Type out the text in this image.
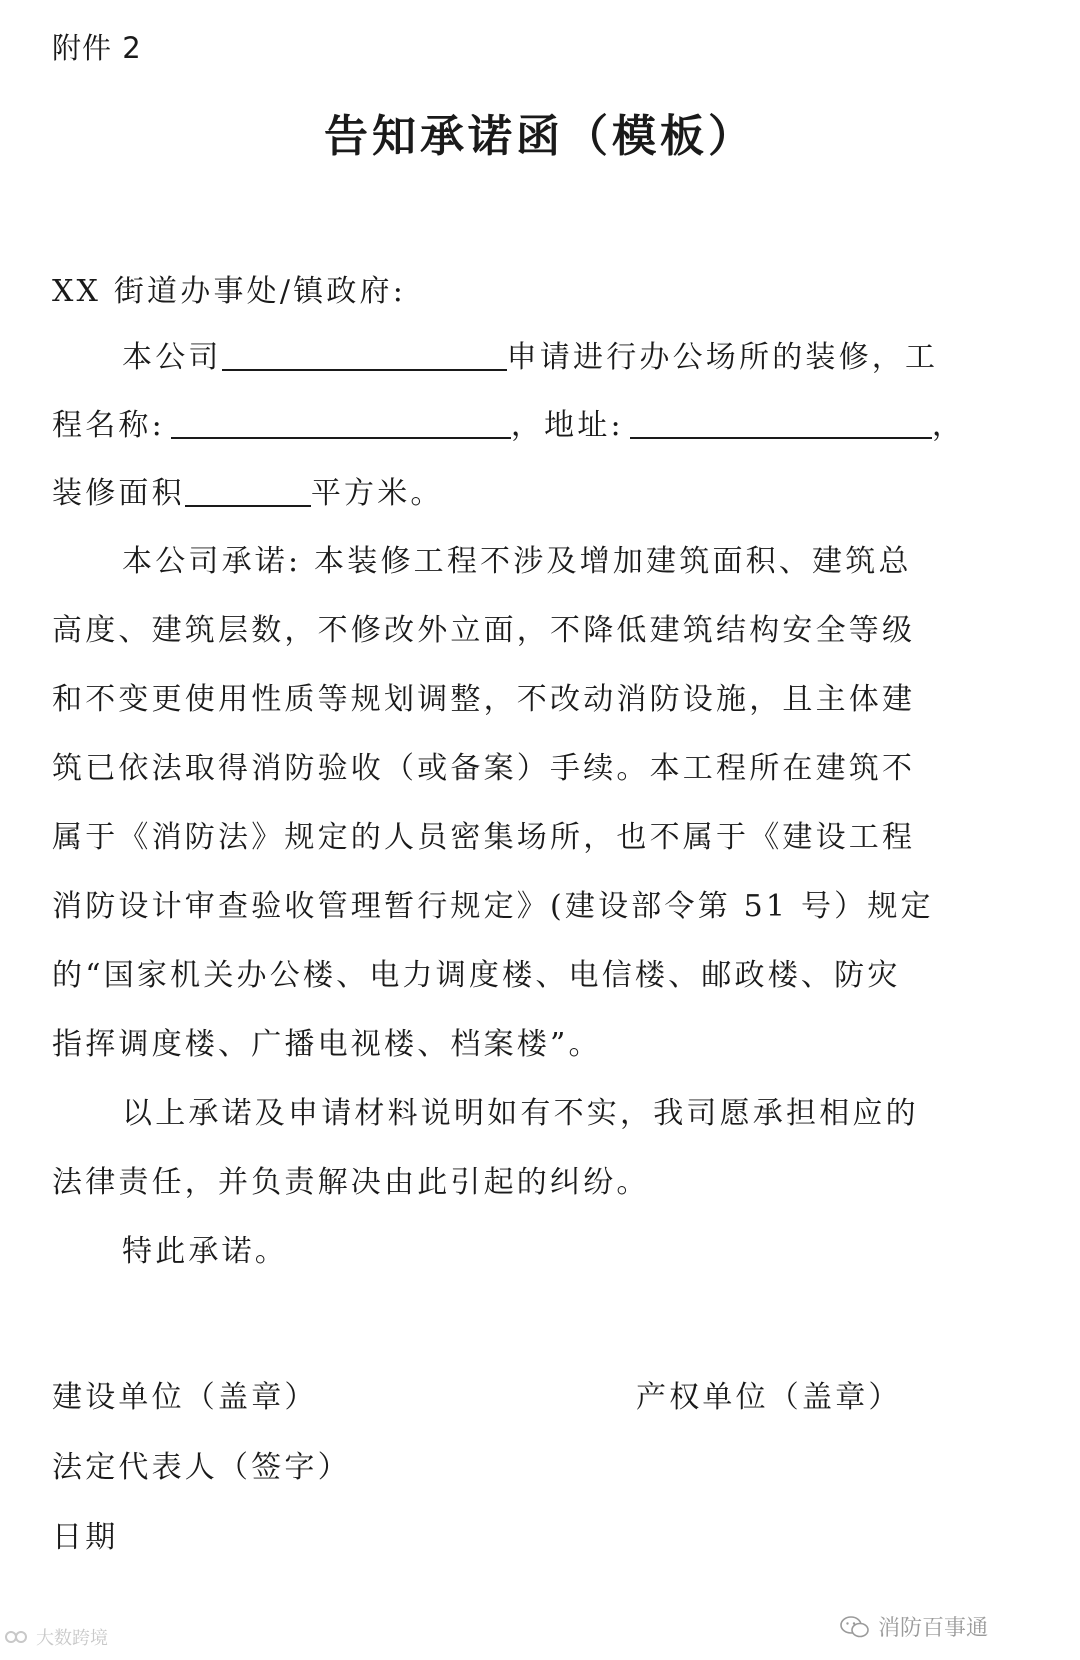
附件 2
告知承诺函（模板）
XX 街道办事处/镇政府:
本公司	申请进行办公场所的装修，工
程名称:	，地址:	，
装修面积	平方米。
本公司承诺: 本装修工程不涉及增加建筑面积、建筑总
高度、建筑层数，不修改外立面，不降低建筑结构安全等级
和不变更使用性质等规划调整，不改动消防设施，且主体建
筑已依法取得消防验收（或备案）手续。本工程所在建筑不
属于《消防法》规定的人员密集场所，也不属于《建设工程
消防设计审查验收管理暂行规定》(建设部令第 51 号）规定
的“国家机关办公楼、电力调度楼、电信楼、邮政楼、防灾
指挥调度楼、广播电视楼、档案楼”。
以上承诺及申请材料说明如有不实，我司愿承担相应的
法律责任，并负责解决由此引起的纠纷。
特此承诺。
建设单位（盖章）	产权单位（盖章）
法定代表人（签字）
日期
消防百事通
大数跨境
